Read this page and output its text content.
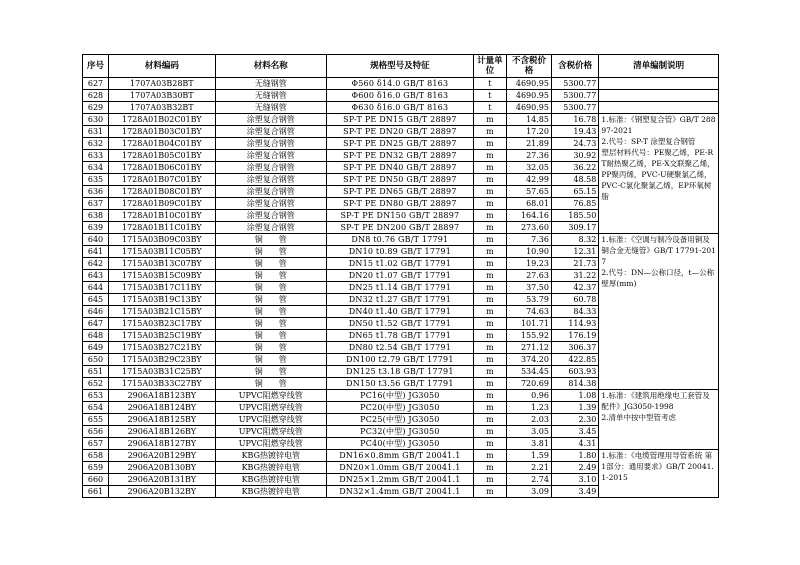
序号	材料编码	材料名称	规格型号及特征	计量单位	不含税价 格	含税价格	清单编制说明
627	1707A03B28BT	无缝钢管	Φ560 δ14.0 GB/T 8163	t	4690.95	5300.77	
628	1707A03B30BT	无缝钢管	Φ600 δ16.0 GB/T 8163	t	4690.95	5300.77	
629	1707A03B32BT	无缝钢管	Φ630 δ16.0 GB/T 8163	t	4690.95	5300.77	
630	1728A01B02C01BY	涂塑复合钢管	SP-T PE DN15 GB/T 28897	m	14.85	16.78	1.标准：《钢塑复合管》GB/T 28897-2021
2.代号：SP-T 涂塑复合钢管
塑层材料代号：PE聚乙烯，PE-RT耐热聚乙烯，PE-X交联聚乙烯，PP聚丙烯，PVC-U硬聚氯乙烯，PVC-C氯化聚氯乙烯，EP环氧树脂
631	1728A01B03C01BY	涂塑复合钢管	SP-T PE DN20 GB/T 28897	m	17.20	19.43	
632	1728A01B04C01BY	涂塑复合钢管	SP-T PE DN25 GB/T 28897	m	21.89	24.73	
633	1728A01B05C01BY	涂塑复合钢管	SP-T PE DN32 GB/T 28897	m	27.36	30.92	
634	1728A01B06C01BY	涂塑复合钢管	SP-T PE DN40 GB/T 28897	m	32.05	36.22	
635	1728A01B07C01BY	涂塑复合钢管	SP-T PE DN50 GB/T 28897	m	42.99	48.58	
636	1728A01B08C01BY	涂塑复合钢管	SP-T PE DN65 GB/T 28897	m	57.65	65.15	
637	1728A01B09C01BY	涂塑复合钢管	SP-T PE DN80 GB/T 28897	m	68.01	76.85	
638	1728A01B10C01BY	涂塑复合钢管	SP-T PE DN150 GB/T 28897	m	164.16	185.50	
639	1728A01B11C01BY	涂塑复合钢管	SP-T PE DN200 GB/T 28897	m	273.60	309.17	
640	1715A03B09C03BY	铜　　管	DN8 t0.76 GB/T 17791	m	7.36	8.32	1.标准：《空调与制冷设备用铜及铜合金无缝管》GB/T 17791-2017
2.代号：DN—公称口径，t—公称壁厚(mm)
641	1715A03B11C05BY	铜　　管	DN10 t0.89 GB/T 17791	m	10.90	12.31	
642	1715A03B13C07BY	铜　　管	DN15 t1.02 GB/T 17791	m	19.23	21.73	
643	1715A03B15C09BY	铜　　管	DN20 t1.07 GB/T 17791	m	27.63	31.22	
644	1715A03B17C11BY	铜　　管	DN25 t1.14 GB/T 17791	m	37.50	42.37	
645	1715A03B19C13BY	铜　　管	DN32 t1.27 GB/T 17791	m	53.79	60.78	
646	1715A03B21C15BY	铜　　管	DN40 t1.40 GB/T 17791	m	74.63	84.33	
647	1715A03B23C17BY	铜　　管	DN50 t1.52 GB/T 17791	m	101.71	114.93	
648	1715A03B25C19BY	铜　　管	DN65 t1.78 GB/T 17791	m	155.92	176.19	
649	1715A03B27C21BY	铜　　管	DN80 t2.54 GB/T 17791	m	271.12	306.37	
650	1715A03B29C23BY	铜　　管	DN100 t2.79 GB/T 17791	m	374.20	422.85	
651	1715A03B31C25BY	铜　　管	DN125 t3.18 GB/T 17791	m	534.45	603.93	
652	1715A03B33C27BY	铜　　管	DN150 t3.56 GB/T 17791	m	720.69	814.38	
653	2906A18B123BY	UPVC阻燃穿线管	PC16(中型) JG3050	m	0.96	1.08	1.标准：《建筑用绝缘电工套管及配件》JG3050-1998
2.清单中按中型管考虑
654	2906A18B124BY	UPVC阻燃穿线管	PC20(中型) JG3050	m	1.23	1.39	
655	2906A18B125BY	UPVC阻燃穿线管	PC25(中型) JG3050	m	2.03	2.30	
656	2906A18B126BY	UPVC阻燃穿线管	PC32(中型) JG3050	m	3.05	3.45	
657	2906A18B127BY	UPVC阻燃穿线管	PC40(中型) JG3050	m	3.81	4.31	
658	2906A20B129BY	KBG热镀锌电管	DN16×0.8mm GB/T 20041.1	m	1.59	1.80	1.标准：《电缆管理用导管系统 第1部分：通用要求》GB/T 20041.1-2015
659	2906A20B130BY	KBG热镀锌电管	DN20×1.0mm GB/T 20041.1	m	2.21	2.49	
660	2906A20B131BY	KBG热镀锌电管	DN25×1.2mm GB/T 20041.1	m	2.74	3.10	
661	2906A20B132BY	KBG热镀锌电管	DN32×1.4mm GB/T 20041.1	m	3.09	3.49	
